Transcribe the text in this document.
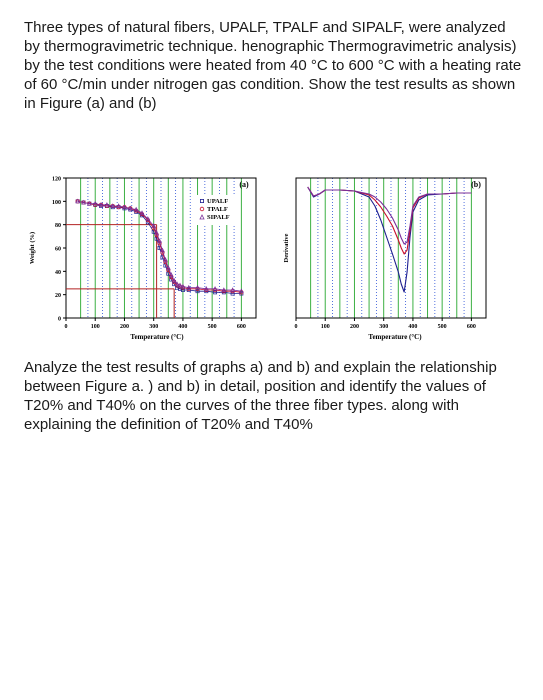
Three types of natural fibers, UPALF, TPALF and SIPALF, were analyzed by thermogravimetric technique. henographic Thermogravimetric analysis) by the test conditions were heated from 40 °C to 600 °C with a heating rate of 60 °C/min under nitrogen gas condition. Show the test results as shown in Figure (a) and (b)

0
20
40
60
80
100
120
0	100	200	300	400	500	600
Temperature (°C)
Weight (%)
(a)
UPALF
TPALF
SIPALF
0	100	200	300	400	500	600
Temperature (°C)
Derivative
(b)

Analyze the test results of graphs a) and b) and explain the relationship between Figure a. ) and b) in detail, position and identify the values of T20% and T40% on the curves of the three fiber types. along with explaining the definition of T20% and T40%
